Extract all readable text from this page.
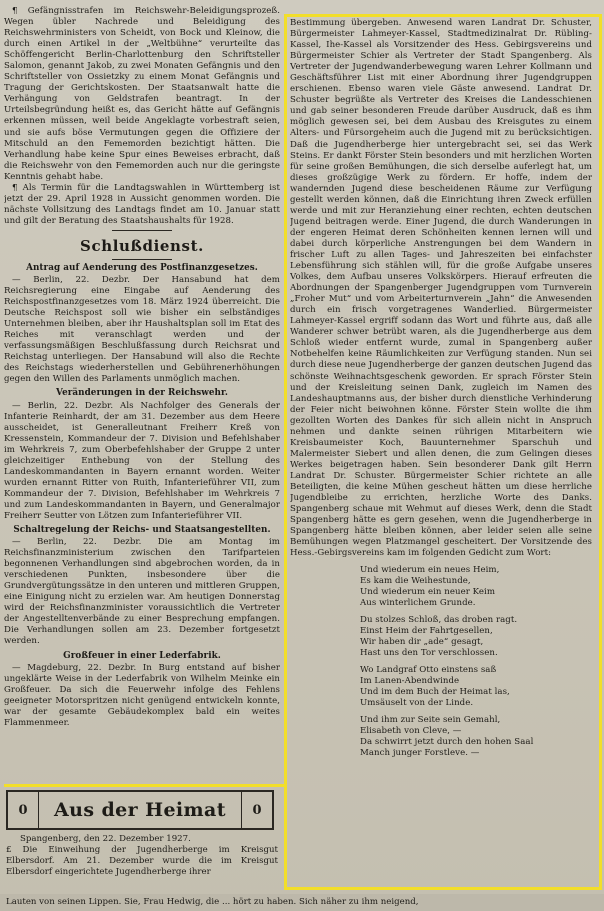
¶ Gefängnisstrafen im Reichswehr-Beleidigungsprozeß. Wegen übler Nachrede und Beleidigung des Reichswehrministers von Scheidt, von Bock und Kleinow, die durch einen Artikel in der „Weltbühne“ verurteilte das Schöffengericht Berlin-Charlottenburg den Schriftsteller Salomon, genannt Jakob, zu zwei Monaten Gefängnis und den Schriftsteller von Ossietzky zu einem Monat Gefängnis und Tragung der Gerichtskosten. Der Staatsanwalt hatte die Verhängung von Geldstrafen beantragt. In der Urteilsbegründung heißt es, das Gericht hätte auf Gefängnis erkennen müssen, weil beide Angeklagte vorbestraft seien, und sie aufs böse Vermutungen gegen die Offiziere der Mitschuld an den Fememorden bezichtigt hätten. Die Verhandlung habe keine Spur eines Beweises erbracht, daß die Reichswehr von den Fememorden auch nur die geringste Kenntnis gehabt habe.

¶ Als Termin für die Landtagswahlen in Württemberg ist jetzt der 29. April 1928 in Aussicht genommen worden. Die nächste Vollsitzung des Landtags findet am 10. Januar statt und gilt der Beratung des Staatshaushalts für 1928.

Schlußdienst.
Antrag auf Aenderung des Postfinanzgesetzes.

— Berlin, 22. Dezbr. Der Hansabund hat dem Reichsregierung eine Eingabe auf Aenderung des Reichspostfinanzgesetzes vom 18. März 1924 überreicht. Die Deutsche Reichspost soll wie bisher ein selbständiges Unternehmen bleiben, aber ihr Haushaltsplan soll im Etat des Reiches mit veranschlagt werden und der verfassungsmäßigen Beschlußfassung durch Reichsrat und Reichstag unterliegen. Der Hansabund will also die Rechte des Reichstags wiederherstellen und Gebührenerhöhungen gegen den Willen des Parlaments unmöglich machen.

Veränderungen in der Reichswehr.

— Berlin, 22. Dezbr. Als Nachfolger des Generals der Infanterie Reinhardt, der am 31. Dezember aus dem Heere ausscheidet, ist Generalleutnant Freiherr Kreß von Kressenstein, Kommandeur der 7. Division und Befehlshaber im Wehrkreis 7, zum Oberbefehlshaber der Gruppe 2 unter gleichzeitiger Enthebung von der Stellung des Landeskommandanten in Bayern ernannt worden. Weiter wurden ernannt Ritter von Ruith, Infanterieführer VII, zum Kommandeur der 7. Division, Befehlshaber im Wehrkreis 7 und zum Landeskommandanten in Bayern, und Generalmajor Freiherr Seutter von Lötzen zum Infanterieführer VII.

Schaltregelung der Reichs- und Staatsangestellten.

— Berlin, 22. Dezbr. Die am Montag im Reichsfinanzministerium zwischen den Tarifparteien begonnenen Verhandlungen sind abgebrochen worden, da in verschiedenen Punkten, insbesondere über die Grundvergütungssätze in den unteren und mittleren Gruppen, eine Einigung nicht zu erzielen war. Am heutigen Donnerstag wird der Reichsfinanzminister voraussichtlich die Vertreter der Angestelltenverbände zu einer Besprechung empfangen. Die Verhandlungen sollen am 23. Dezember fortgesetzt werden.

Großfeuer in einer Lederfabrik.

— Magdeburg, 22. Dezbr. In Burg entstand auf bisher ungeklärte Weise in der Lederfabrik von Wilhelm Meinke ein Großfeuer. Da sich die Feuerwehr infolge des Fehlens geeigneter Motorspritzen nicht genügend entwickeln konnte, war der gesamte Gebäudekomplex bald ein weites Flammenmeer.

0	Aus der Heimat	0

Spangenberg, den 22. Dezember 1927.

£ Die Einweihung der Jugendherberge im Kreisgut Elbersdorf. Am 21. Dezember wurde die im Kreisgut Elbersdorf eingerichtete Jugendherberge ihrer

Bestimmung übergeben. Anwesend waren Landrat Dr. Schuster, Bürgermeister Lahmeyer-Kassel, Stadtmedizinalrat Dr. Rübling-Kassel, Ihe-Kassel als Vorsitzender des Hess. Gebirgsvereins und Bürgermeister Schier als Vertreter der Stadt Spangenberg. Als Vertreter der Jugendwanderbewegung waren Lehrer Kollmann und Geschäftsführer List mit einer Abordnung ihrer Jugendgruppen erschienen. Ebenso waren viele Gäste anwesend. Landrat Dr. Schuster begrüßte als Vertreter des Kreises die Landesschienen und gab seiner besonderen Freude darüber Ausdruck, daß es ihm möglich gewesen sei, bei dem Ausbau des Kreisgutes zu einem Alters- und Fürsorgeheim auch die Jugend mit zu berücksichtigen. Daß die Jugendherberge hier untergebracht sei, sei das Werk Steins. Er dankt Förster Stein besonders und mit herzlichen Worten für seine großen Bemühungen, die sich derselbe auferlegt hat, um dieses großzügige Werk zu fördern. Er hoffe, indem der wandernden Jugend diese bescheidenen Räume zur Verfügung gestellt werden können, daß die Einrichtung ihren Zweck erfüllen werde und mit zur Heranziehung einer rechten, echten deutschen Jugend beitragen werde. Einer Jugend, die durch Wanderungen in der engeren Heimat deren Schönheiten kennen lernen will und dabei durch körperliche Anstrengungen bei dem Wandern in frischer Luft zu allen Tages- und Jahreszeiten bei einfachster Lebensführung sich stählen will, für die große Aufgabe unseres Volkes, dem Aufbau unseres Volkskörpers. Hierauf erfreuten die Abordnungen der Spangenberger Jugendgruppen vom Turnverein „Froher Mut“ und vom Arbeiterturnverein „Jahn“ die Anwesenden durch ein frisch vorgetragenes Wanderlied. Bürgermeister Lahmeyer-Kassel ergriff sodann das Wort und führte aus, daß alle Wanderer schwer betrübt waren, als die Jugendherberge aus dem Schloß wieder entfernt wurde, zumal in Spangenberg außer Notbehelfen keine Räumlichkeiten zur Verfügung standen. Nun sei durch diese neue Jugendherberge der ganzen deutschen Jugend das schönste Weihnachtsgeschenk geworden. Er sprach Förster Stein und der Kreisleitung seinen Dank, zugleich im Namen des Landeshauptmanns aus, der bisher durch dienstliche Verhinderung der Feier nicht beiwohnen könne. Förster Stein wollte die ihm gezollten Worten des Dankes für sich allein nicht in Anspruch nehmen und dankte seinen rührigen Mitarbeitern wie Kreisbaumeister Koch, Bauunternehmer Sparschuh und Malermeister Siebert und allen denen, die zum Gelingen dieses Werkes beigetragen haben. Sein besonderer Dank gilt Herrn Landrat Dr. Schuster. Bürgermeister Schier richtete an alle Beteiligten, die keine Mühen gescheut hätten um diese herrliche Jugendbleibe zu errichten, herzliche Worte des Danks. Spangenberg schaue mit Wehmut auf dieses Werk, denn die Stadt Spangenberg hätte es gern gesehen, wenn die Jugendherberge in Spangenberg hätte bleiben können, aber leider seien alle seine Bemühungen wegen Platzmangel gescheitert. Der Vorsitzende des Hess.-Gebirgsvereins kam im folgenden Gedicht zum Wort:

Und wiederum ein neues Heim,
Es kam die Weihestunde,
Und wiederum ein neuer Keim
Aus winterlichem Grunde.
Du stolzes Schloß, das droben ragt.
Einst Heim der Fahrtgesellen,
Wir haben dir „ade“ gesagt,
Hast uns den Tor verschlossen.
Wo Landgraf Otto einstens saß
Im Lanen-Abendwinde
Und im dem Buch der Heimat las,
Umsäuselt von der Linde.
Und ihm zur Seite sein Gemahl,
Elisabeth von Cleve, —
Da schwirrt jetzt durch den hohen Saal
Manch junger Forstleve. —
Lauten von seinen Lippen. Sie, Frau Hedwig, die ... hört zu haben. Sich näher zu ihm neigend,
